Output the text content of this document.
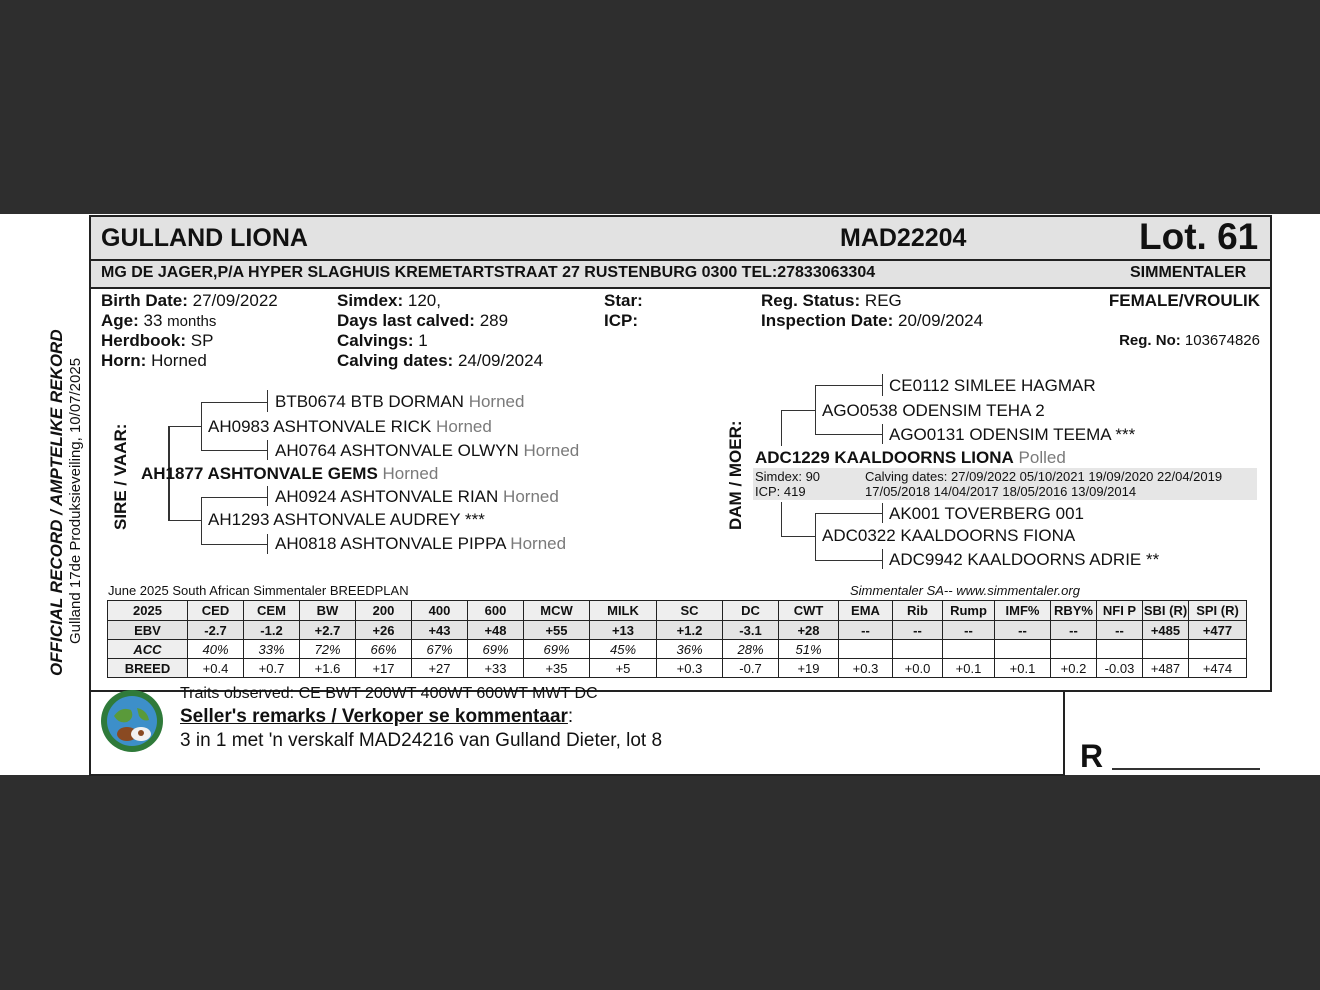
GULLAND LIONA	MAD22204	Lot. 61
MG DE JAGER,P/A HYPER SLAGHUIS KREMETARTSTRAAT 27 RUSTENBURG 0300 TEL:27833063304	SIMMENTALER
Birth Date: 27/09/2022
Age: 33 months
Herdbook: SP
Horn: Horned
Simdex: 120,
Days last calved: 289
Calvings: 1
Calving dates: 24/09/2024
Star:
ICP:
Reg. Status: REG
Inspection Date: 20/09/2024
FEMALE/VROULIK
Reg. No: 103674826
OFFICIAL RECORD / AMPTELIKE REKORD Gulland 17de Produksieveiling, 10/07/2025 SIRE / VAAR:
BTB0674 BTB DORMAN Horned
AH0983 ASHTONVALE RICK Horned
AH0764 ASHTONVALE OLWYN Horned
AH1877 ASHTONVALE GEMS Horned
AH0924 ASHTONVALE RIAN Horned
AH1293 ASHTONVALE AUDREY ***
AH0818 ASHTONVALE PIPPA Horned
DAM / MOER:
CE0112 SIMLEE HAGMAR
AGO0538 ODENSIM TEHA 2
AGO0131 ODENSIM TEEMA ***
ADC1229 KAALDOORNS LIONA Polled
Simdex: 90
ICP: 419
Calving dates: 27/09/2022 05/10/2021 19/09/2020 22/04/2019
17/05/2018 14/04/2017 18/05/2016 13/09/2014
AK001 TOVERBERG 001
ADC0322 KAALDOORNS FIONA
ADC9942 KAALDOORNS ADRIE **
June 2025 South African Simmentaler BREEDPLAN	Simmentaler SA-- www.simmentaler.org
2025	CED	CEM	BW	200	400	600	MCW	MILK	SC	DC	CWT	EMA	Rib	Rump	IMF%	RBY%	NFI P	SBI (R)	SPI (R)
EBV	-2.7	-1.2	+2.7	+26	+43	+48	+55	+13	+1.2	-3.1	+28	--	--	--	--	--	--	+485	+477
ACC	40%	33%	72%	66%	67%	69%	69%	45%	36%	28%	51%								
BREED	+0.4	+0.7	+1.6	+17	+27	+33	+35	+5	+0.3	-0.7	+19	+0.3	+0.0	+0.1	+0.1	+0.2	-0.03	+487	+474
Traits observed: CE BWT 200WT 400WT 600WT MWT DC
Seller's remarks / Verkoper se kommentaar:
3 in 1 met 'n verskalf MAD24216 van Gulland Dieter, lot 8	R
